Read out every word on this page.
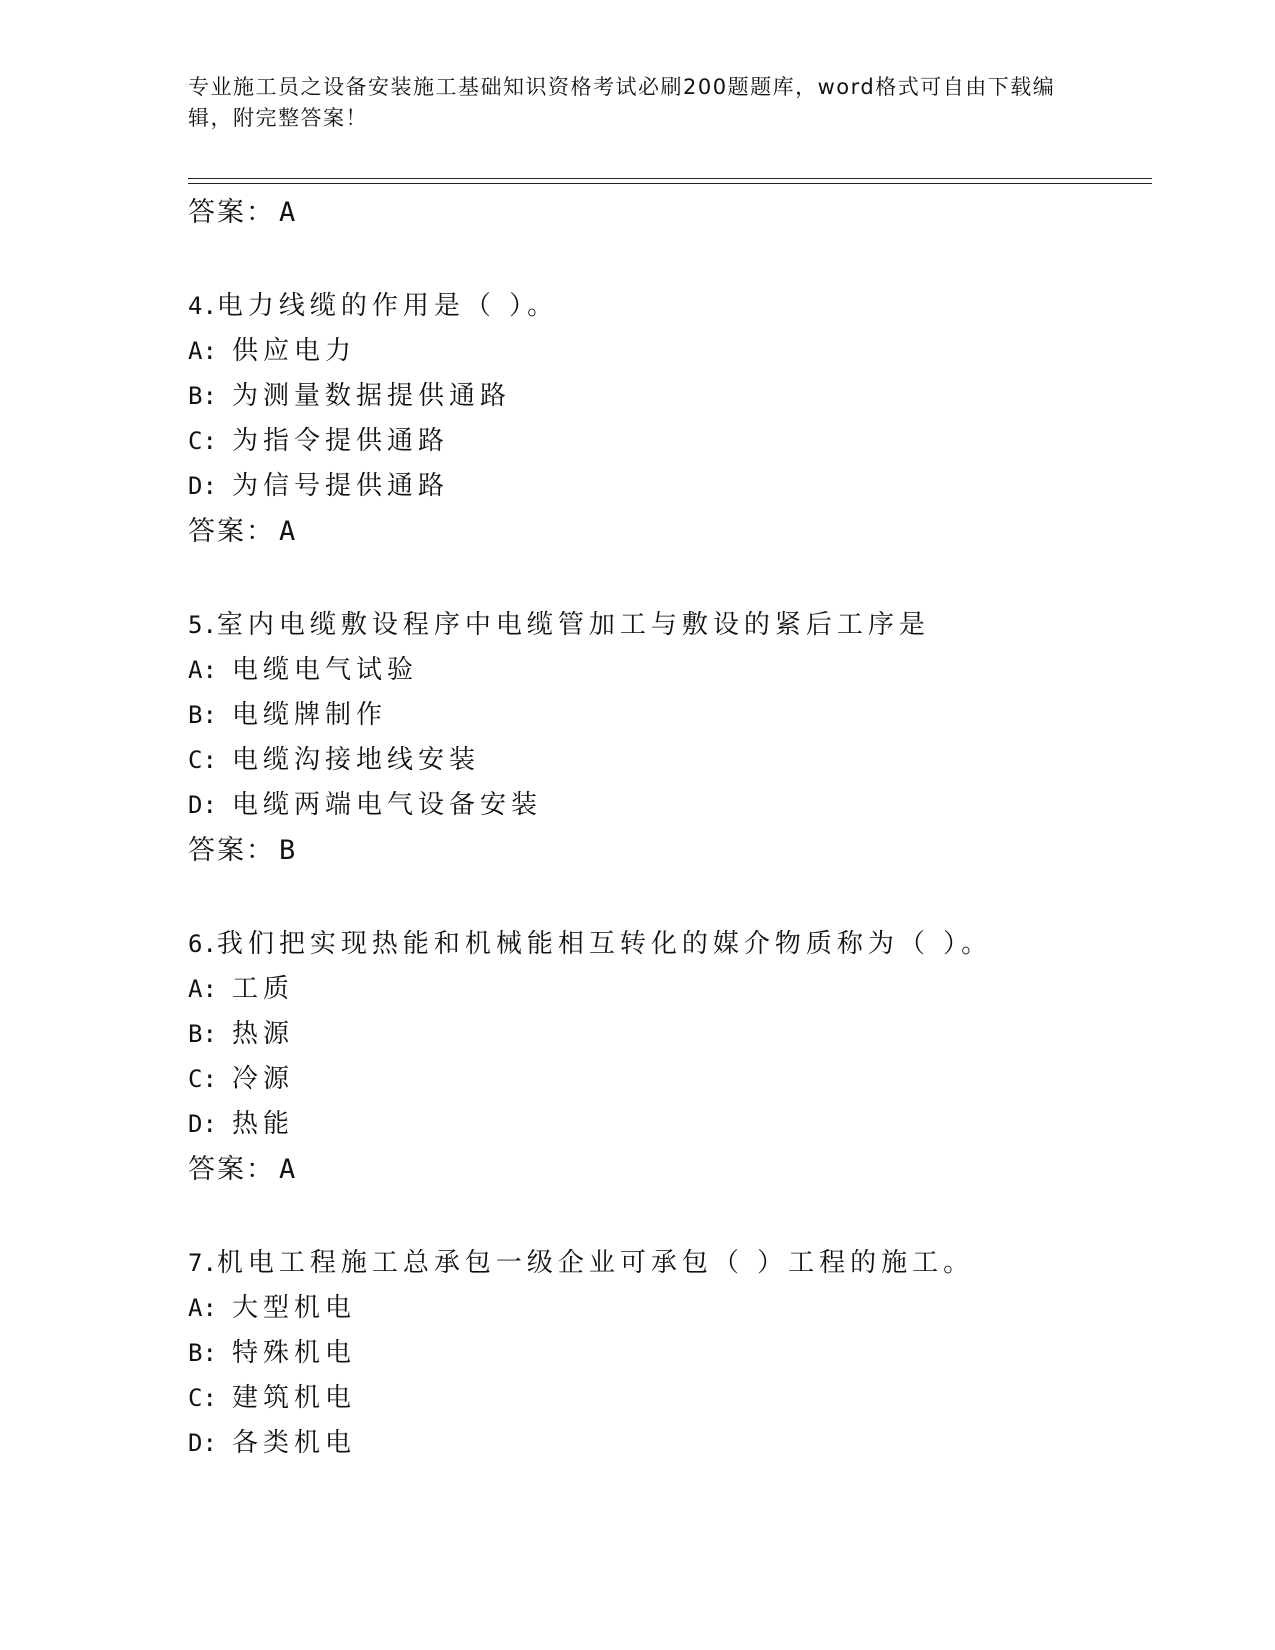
专业施工员之设备安装施工基础知识资格考试必刷200题题库，word格式可自由下载编辑，附完整答案！
答案： A
4.电力线缆的作用是（ ）。
A: 供应电力
B: 为测量数据提供通路
C: 为指令提供通路
D: 为信号提供通路
答案： A
5.室内电缆敷设程序中电缆管加工与敷设的紧后工序是
A: 电缆电气试验
B: 电缆牌制作
C: 电缆沟接地线安装
D: 电缆两端电气设备安装
答案： B
6.我们把实现热能和机械能相互转化的媒介物质称为（ ）。
A: 工质
B: 热源
C: 冷源
D: 热能
答案： A
7.机电工程施工总承包一级企业可承包（ ）工程的施工。
A: 大型机电
B: 特殊机电
C: 建筑机电
D: 各类机电
